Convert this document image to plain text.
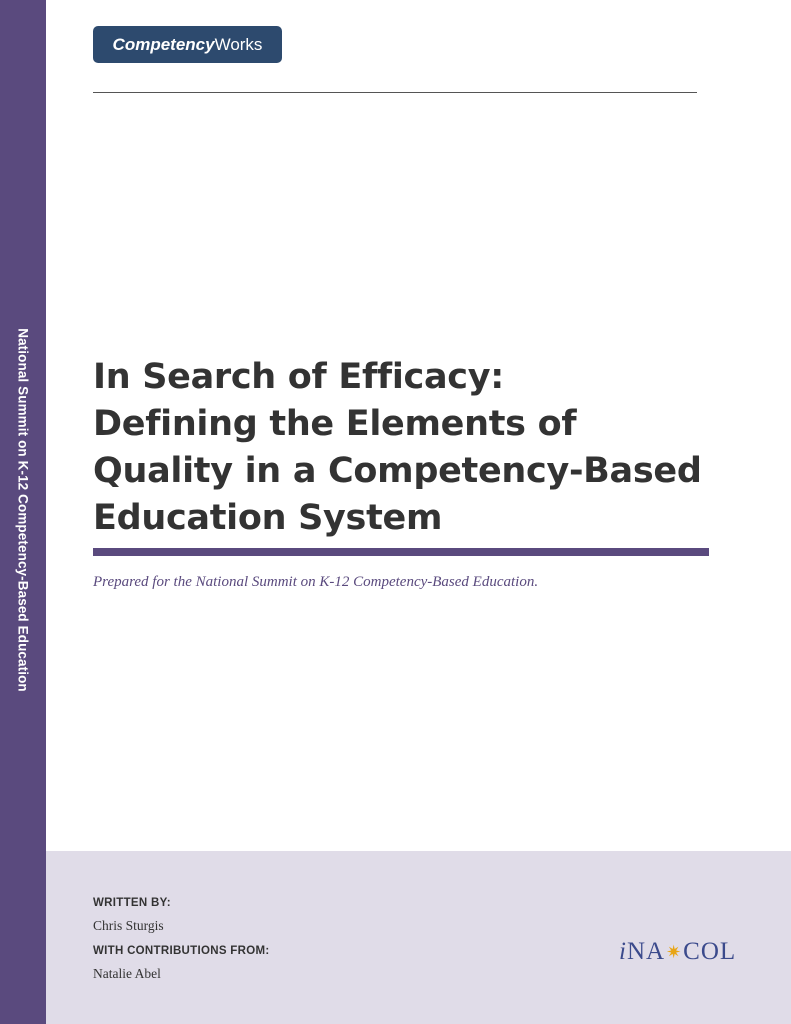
National Summit on K-12 Competency-Based Education
Competency Works
In Search of Efficacy:
Defining the Elements of
Quality in a Competency-Based
Education System
Prepared for the National Summit on K-12 Competency-Based Education.
WRITTEN BY:
Chris Sturgis
WITH CONTRIBUTIONS FROM:
Natalie Abel
i N A ✷ COL
